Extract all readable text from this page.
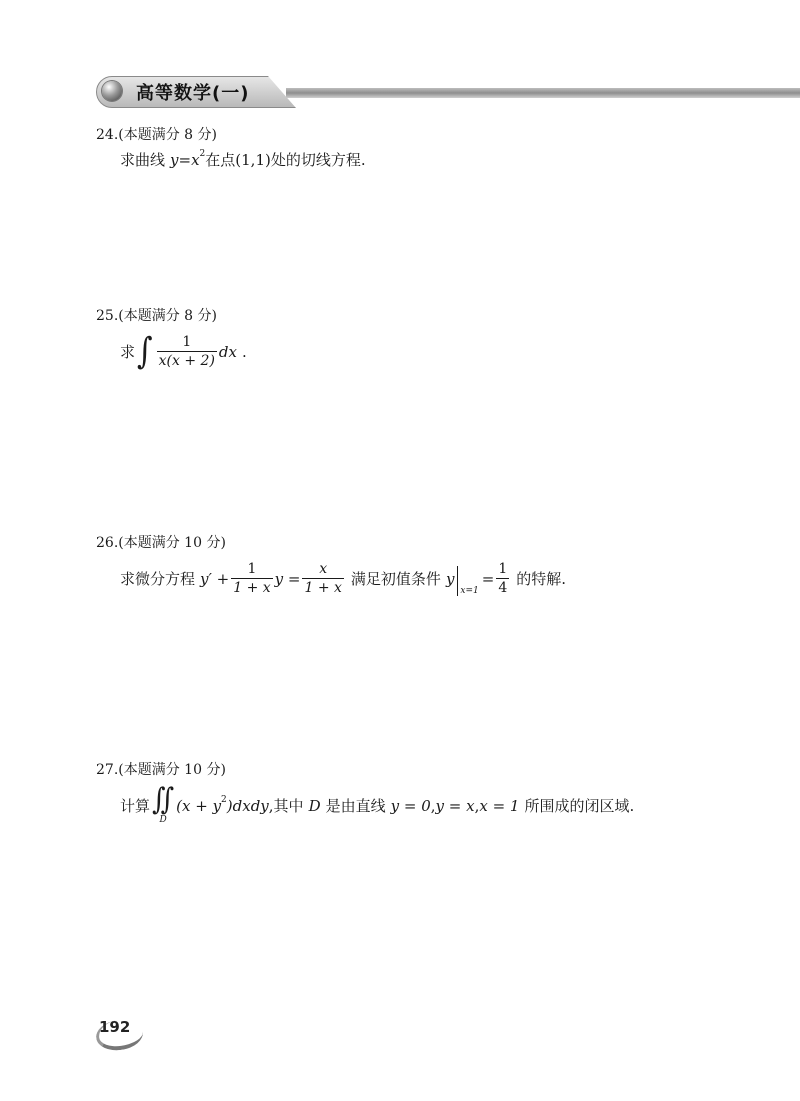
高等数学(一)
24.(本题满分 8 分)
求曲线 y = x 2 在点(1,1)处的切线方程.
25.(本题满分 8 分)
求 ∫ $\frac{1}{x(x + 2)}$ dx .
26.(本题满分 10 分)
求微分方程 $y' + \frac{1}{1 + x}$ $y = \frac{x}{1 + x}$ 满足初值条件 y
x=1
= $\frac{1}{4}$ 的特解.
27.(本题满分 10 分)
计算 ∬
D
(x + y 2 )dxdy ,其中 D 是由直线 y = 0 , y = x , x = 1 所围成的闭区域.
192
